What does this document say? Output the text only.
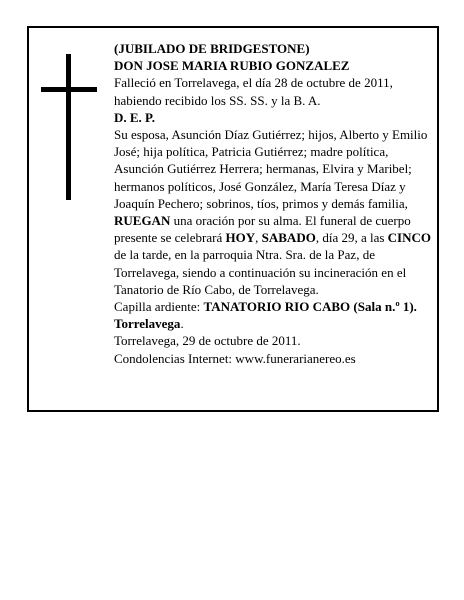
(JUBILADO DE BRIDGESTONE)

DON JOSE MARIA RUBIO GONZALEZ

Falleció en Torrelavega, el día 28 de octubre de 2011, habiendo recibido los SS. SS. y la B. A.

D. E. P.

Su esposa, Asunción Díaz Gutiérrez; hijos, Alberto y Emilio José; hija política, Patricia Gutiérrez; madre política, Asunción Gutiérrez Herrera; hermanas, Elvira y Maribel; hermanos políticos, José González, María Teresa Díaz y Joaquín Pechero; sobrinos, tíos, primos y demás familia,

RUEGAN una oración por su alma. El funeral de cuerpo presente se celebrará HOY, SABADO, día 29, a las CINCO de la tarde, en la parroquia Ntra. Sra. de la Paz, de Torrelavega, siendo a continuación su incineración en el Tanatorio de Río Cabo, de Torrelavega.

Capilla ardiente: TANATORIO RIO CABO (Sala n.º 1). Torrelavega.

Torrelavega, 29 de octubre de 2011.

Condolencias Internet: www.funerarianereo.es
